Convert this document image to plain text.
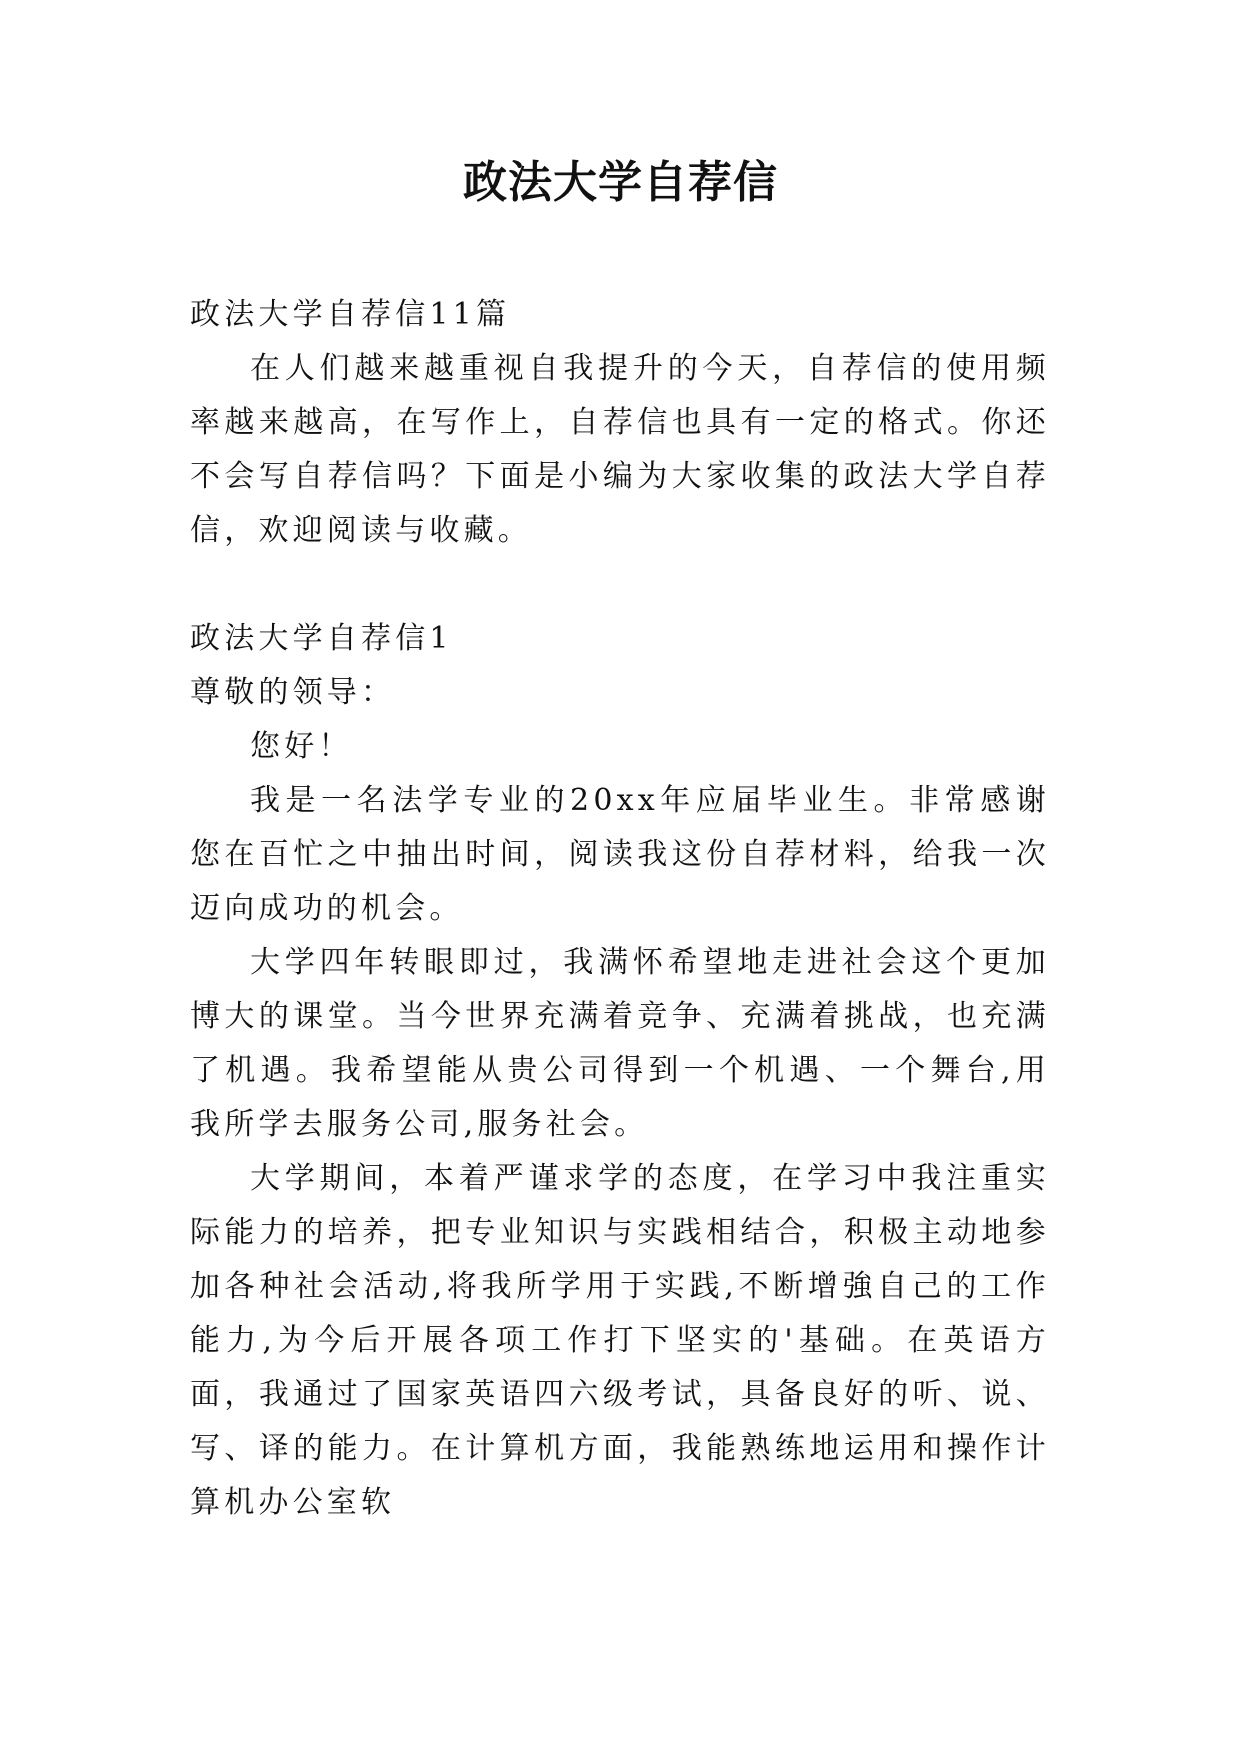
政法大学自荐信

政法大学自荐信11篇

在人们越来越重视自我提升的今天，自荐信的使用频率越来越高，在写作上，自荐信也具有一定的格式。你还不会写自荐信吗？下面是小编为大家收集的政法大学自荐信，欢迎阅读与收藏。

政法大学自荐信1

尊敬的领导：

您好！

我是一名法学专业的20xx年应届毕业生。非常感谢您在百忙之中抽出时间，阅读我这份自荐材料，给我一次迈向成功的机会。

大学四年转眼即过，我满怀希望地走进社会这个更加博大的课堂。当今世界充满着竞争、充满着挑战，也充满了机遇。我希望能从贵公司得到一个机遇、一个舞台,用我所学去服务公司,服务社会。

大学期间，本着严谨求学的态度，在学习中我注重实际能力的培养，把专业知识与实践相结合，积极主动地参加各种社会活动,将我所学用于实践,不断增強自己的工作能力,为今后开展各项工作打下坚实的'基础。在英语方面，我通过了国家英语四六级考试，具备良好的听、说、写、译的能力。在计算机方面，我能熟练地运用和操作计算机办公室软
